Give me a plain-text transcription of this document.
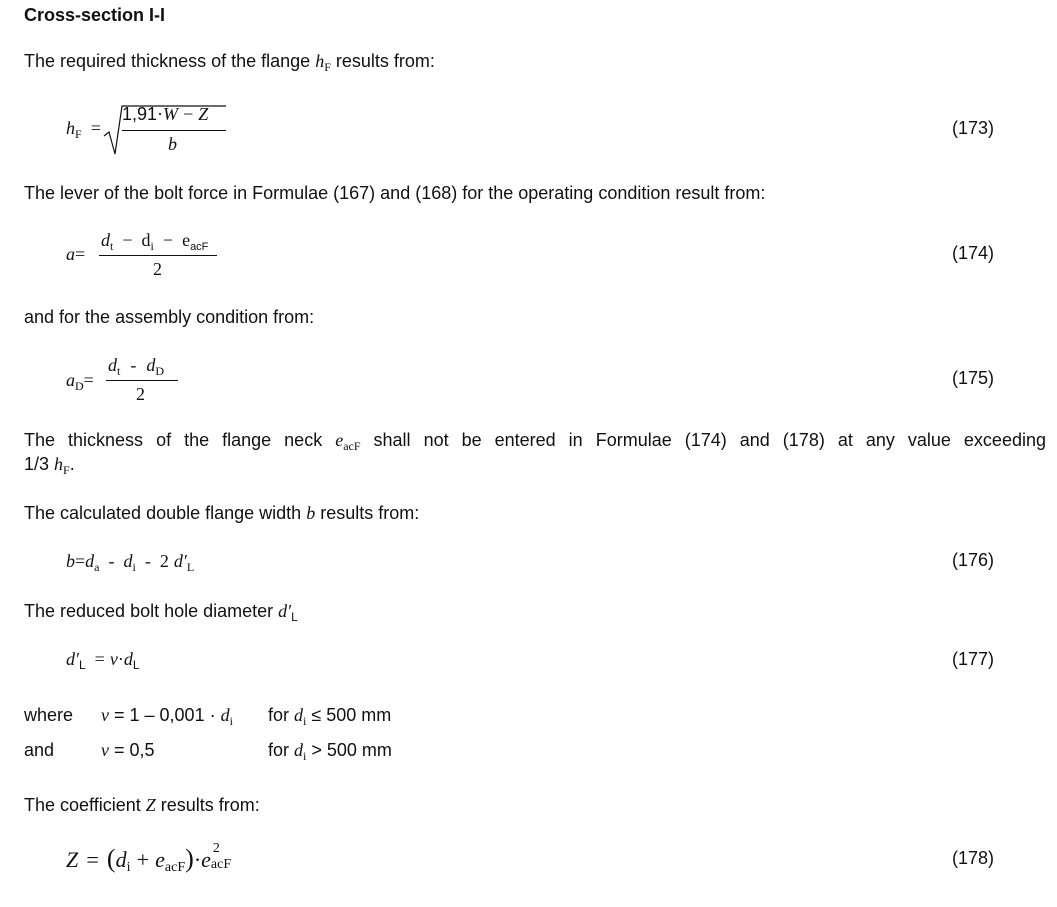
Cross-section I-I

The required thickness of the flange $h_F$ results from:

$h_F$ =
1,91·W − Z
b
(173)

The lever of the bolt force in Formulae (167) and (168) for the operating condition result from:

a=
$d_t - d_i - e_{acF}$
2
(174)

and for the assembly condition from:

$a_D=$
$d_t - d_D$
2
(175)

The thickness of the flange neck $e_{acF}$ shall not be entered in Formulae (174) and (178) at any value exceeding

1/3 $h_F$.

The calculated double flange width b results from:

$b=d_a - d_i - 2$ $d'_L$	(176)

The reduced bolt hole diameter $d'_L$

$d'_L = v\cdot d_L$	(177)
where $v = 1 - 0,001 \cdot d_i$ for $d_i \le 500$ mm
and	v = 0,5	for $d_i > 500$ mm

The coefficient Z results from:

$Z = (d_i + e_{acF})\cdot e$ 2
acF	(178)
